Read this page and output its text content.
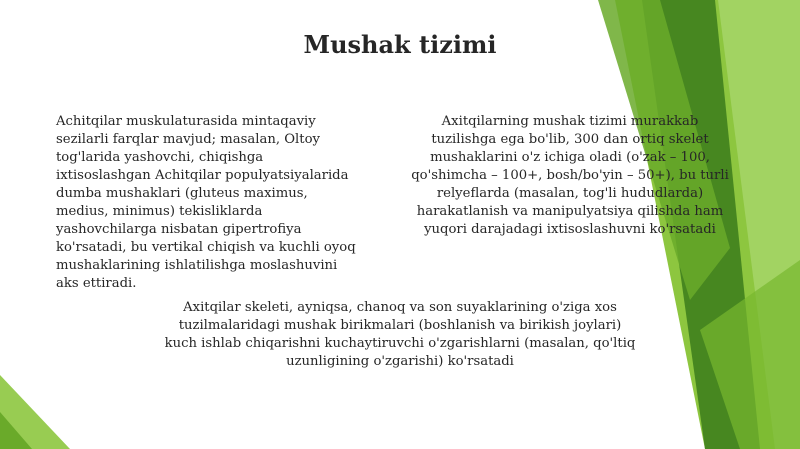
Mushak tizimi

Achitqilar muskulaturasida mintaqaviy
sezilarli farqlar mavjud; masalan, Oltoy
tog'larida yashovchi, chiqishga
ixtisoslashgan Achitqilar populyatsiyalarida
dumba mushaklari (gluteus maximus,
medius, minimus) tekisliklarda
yashovchilarga nisbatan gipertrofiya
ko'rsatadi, bu vertikal chiqish va kuchli oyoq
mushaklarining ishlatilishga moslashuvini
aks ettiradi.

Axitqilarning mushak tizimi murakkab
tuzilishga ega bo'lib, 300 dan ortiq skelet
mushaklarini o'z ichiga oladi (o'zak – 100,
qo'shimcha – 100+, bosh/bo'yin – 50+), bu turli
relyeflarda (masalan, tog'li hududlarda)
harakatlanish va manipulyatsiya qilishda ham
yuqori darajadagi ixtisoslashuvni ko'rsatadi

Axitqilar skeleti, ayniqsa, chanoq va son suyaklarining o'ziga xos
tuzilmalaridagi mushak birikmalari (boshlanish va birikish joylari)
kuch ishlab chiqarishni kuchaytiruvchi o'zgarishlarni (masalan, qo'ltiq
uzunligining o'zgarishi) ko'rsatadi
